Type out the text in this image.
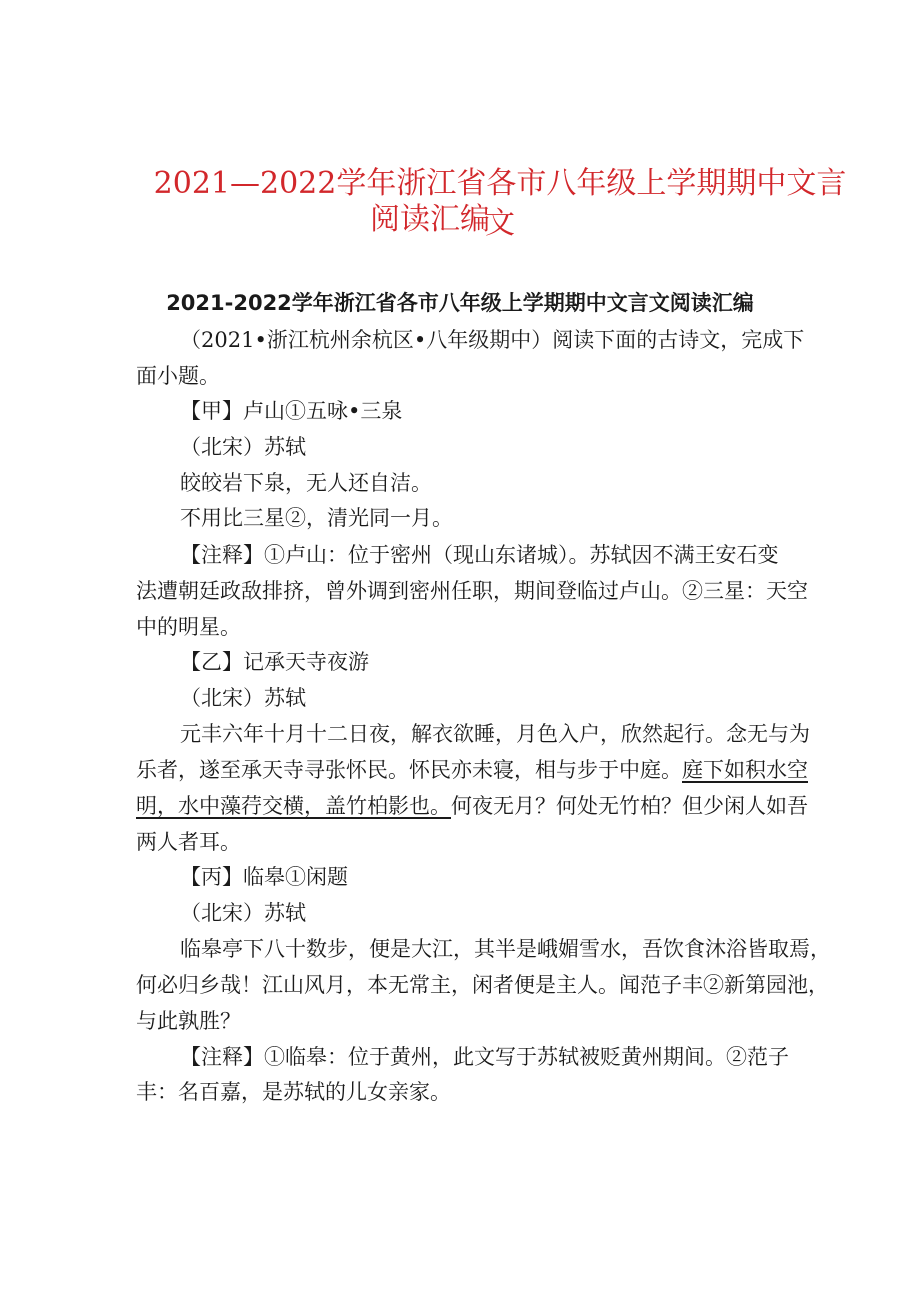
2021—2022学年浙江省各市八年级上学期期中文言文
阅读汇编
2021-2022学年浙江省各市八年级上学期期中文言文阅读汇编
（2021•浙江杭州余杭区•八年级期中）阅读下面的古诗文，完成下
面小题。
【甲】卢山①五咏•三泉
（北宋）苏轼
皎皎岩下泉，无人还自洁。
不用比三星②，清光同一月。
【注释】①卢山：位于密州（现山东诸城）。苏轼因不满王安石变
法遭朝廷政敌排挤，曾外调到密州任职，期间登临过卢山。②三星：天空
中的明星。
【乙】记承天寺夜游
（北宋）苏轼
元丰六年十月十二日夜，解衣欲睡，月色入户，欣然起行。念无与为
乐者，遂至承天寺寻张怀民。怀民亦未寝，相与步于中庭。庭下如积水空
明，水中藻荇交横，盖竹柏影也。何夜无月？何处无竹柏？但少闲人如吾
两人者耳。
【丙】临皋①闲题
（北宋）苏轼
临皋亭下八十数步，便是大江，其半是峨媚雪水，吾饮食沐浴皆取焉，
何必归乡哉！江山风月，本无常主，闲者便是主人。闻范子丰②新第园池，
与此孰胜？
【注释】①临皋：位于黄州，此文写于苏轼被贬黄州期间。②范子
丰：名百嘉，是苏轼的儿女亲家。
